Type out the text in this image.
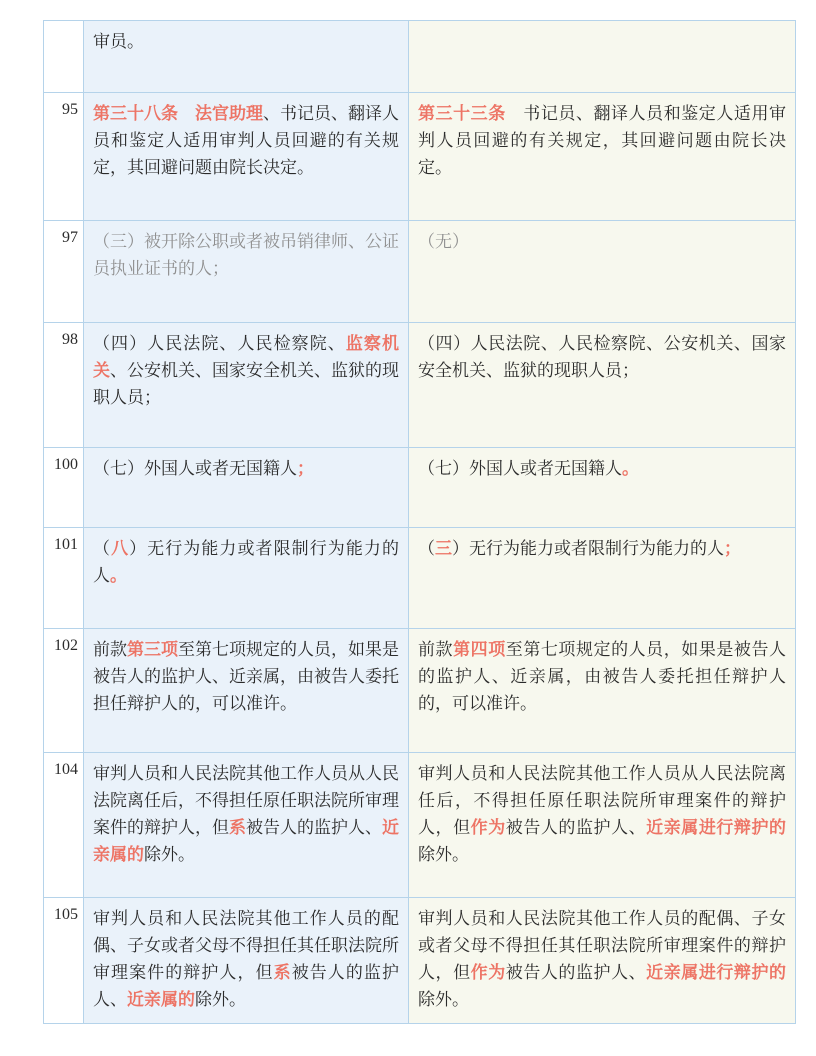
	审员。	
95	第三十八条　法官助理、书记员、翻译人员和鉴定人适用审判人员回避的有关规定，其回避问题由院长决定。	第三十三条　书记员、翻译人员和鉴定人适用审判人员回避的有关规定，其回避问题由院长决定。
97	（三）被开除公职或者被吊销律师、公证员执业证书的人；	（无）
98	（四）人民法院、人民检察院、监察机关、公安机关、国家安全机关、监狱的现职人员；	（四）人民法院、人民检察院、公安机关、国家安全机关、监狱的现职人员；
100	（七）外国人或者无国籍人；	（七）外国人或者无国籍人。
101	（八）无行为能力或者限制行为能力的人。	（三）无行为能力或者限制行为能力的人；
102	前款第三项至第七项规定的人员，如果是被告人的监护人、近亲属，由被告人委托担任辩护人的，可以准许。	前款第四项至第七项规定的人员，如果是被告人的监护人、近亲属，由被告人委托担任辩护人的，可以准许。
104	审判人员和人民法院其他工作人员从人民法院离任后，不得担任原任职法院所审理案件的辩护人，但系被告人的监护人、近亲属的除外。	审判人员和人民法院其他工作人员从人民法院离任后，不得担任原任职法院所审理案件的辩护人，但作为被告人的监护人、近亲属进行辩护的除外。
105	审判人员和人民法院其他工作人员的配偶、子女或者父母不得担任其任职法院所审理案件的辩护人，但系被告人的监护人、近亲属的除外。	审判人员和人民法院其他工作人员的配偶、子女或者父母不得担任其任职法院所审理案件的辩护人，但作为被告人的监护人、近亲属进行辩护的除外。
